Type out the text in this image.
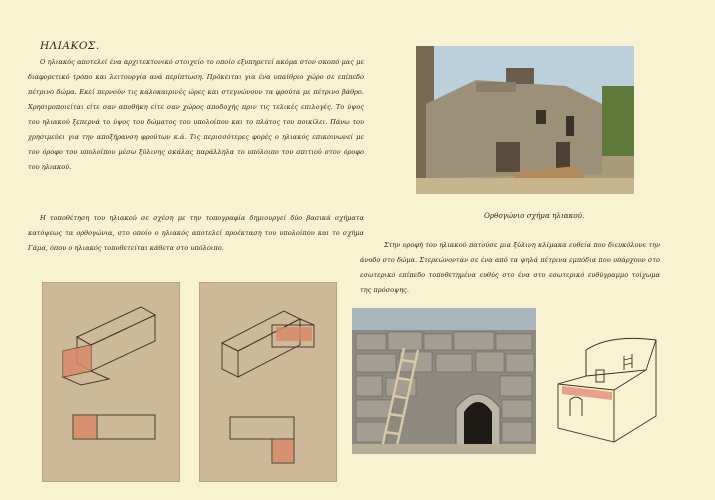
ΗΛΙΑΚΟΣ.

Ο ηλιακός αποτελεί ένα αρχιτεκτονικό στοιχείο το οποίο εξυπηρετεί ακόμα στον σκοπό μας με διαφορετικό τρόπο και λειτουργία ανά περίπτωση. Πρόκειται για ένα υπαίθριο χώρο σε επίπεδο πέτρινο δώμα. Εκεί περνούν τις καλοκαιρινές ώρες και στεγνώνουν τα φρούτα με πέτρινο βάθρο. Χρησιμοποιείται είτε σαν αποθήκη είτε σαν χώρος αποδοχής πριν τις τελικές επιλογές. Το ύψος του ηλιακού ξεπερνά το ύψος του δώματος του υπολοίπου και το πλάτος του ποικίλει. Πάνω του χρησιμεύει για την αποξήρανση φρούτων κ.ά. Τις περισσότερες φορές ο ηλιακός επικοινωνεί με τον όροφο του υπολοίπου μέσω ξύλινης σκάλας παράλληλα το υπόλοιπο του σπιτιού στον όροφο του ηλιακού.

Η τοποθέτηση του ηλιακού σε σχέση με την τοπογραφία δημιουργεί δύο βασικά σχήματα κατόψεως τα ορθογώνια, στο οποίο ο ηλιακός αποτελεί προέκταση του υπολοίπου και το σχήμα Γάμα, όπου ο ηλιακός τοποθετείται κάθετα στο υπόλοιπο.

Ορθογώνιο σχήμα ηλιακού.

Στην οροφή του ηλιακού πατούσε μια ξύλινη κλίμακα ευθεία που διευκόλυνε την άνοδο στο δώμα. Στερεώνονταν σε ένα από τα ψηλά πέτρινα εμπόδια που υπάρχουν στο εσωτερικό επίπεδο τοποθετημένα ευθύς στο ένα στο εσωτερικό ευθύγραμμο τοίχωμα της πρόσοψης.
